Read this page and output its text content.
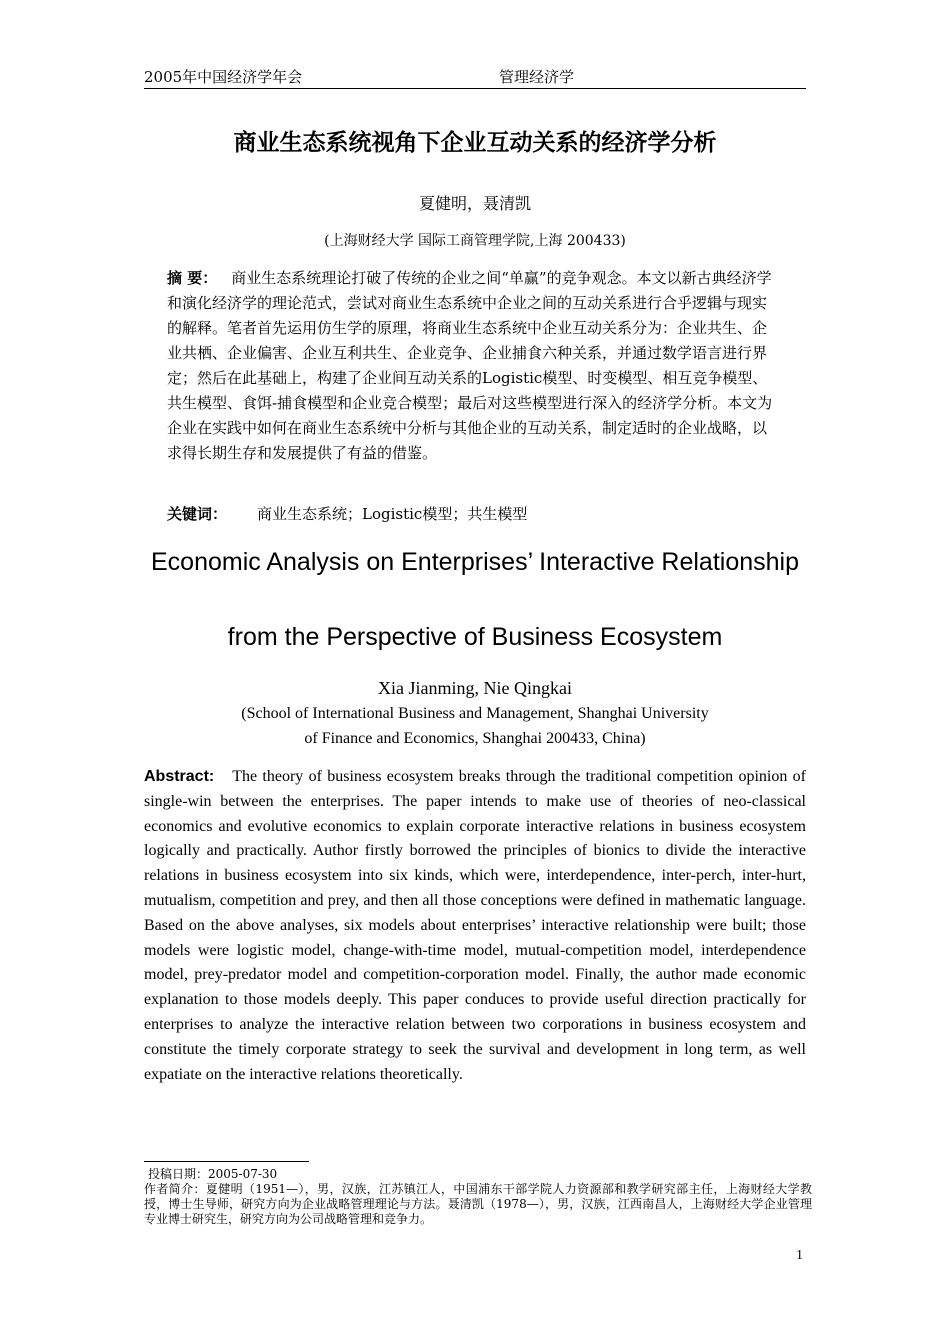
2005年中国经济学年会	管理经济学
商业生态系统视角下企业互动关系的经济学分析
夏健明，聂清凯
(上海财经大学 国际工商管理学院,上海 200433)

摘 要： 商业生态系统理论打破了传统的企业之间“单赢”的竞争观念。本文以新古典经济学和演化经济学的理论范式，尝试对商业生态系统中企业之间的互动关系进行合乎逻辑与现实的解释。笔者首先运用仿生学的原理，将商业生态系统中企业互动关系分为：企业共生、企业共栖、企业偏害、企业互利共生、企业竞争、企业捕食六种关系，并通过数学语言进行界定；然后在此基础上，构建了企业间互动关系的Logistic模型、时变模型、相互竞争模型、共生模型、食饵-捕食模型和企业竞合模型；最后对这些模型进行深入的经济学分析。本文为企业在实践中如何在商业生态系统中分析与其他企业的互动关系，制定适时的企业战略，以求得长期生存和发展提供了有益的借鉴。

关键词： 商业生态系统；Logistic模型；共生模型
Economic Analysis on Enterprises’ Interactive Relationship
from the Perspective of Business Ecosystem
Xia Jianming, Nie Qingkai
(School of International Business and Management, Shanghai University
of Finance and Economics, Shanghai 200433, China)

Abstract: The theory of business ecosystem breaks through the traditional competition opinion of single-win between the enterprises. The paper intends to make use of theories of neo-classical economics and evolutive economics to explain corporate interactive relations in business ecosystem logically and practically. Author firstly borrowed the principles of bionics to divide the interactive relations in business ecosystem into six kinds, which were, interdependence, inter-perch, inter-hurt, mutualism, competition and prey, and then all those conceptions were defined in mathematic language. Based on the above analyses, six models about enterprises’ interactive relationship were built; those models were logistic model, change-with-time model, mutual-competition model, interdependence model, prey-predator model and competition-corporation model. Finally, the author made economic explanation to those models deeply. This paper conduces to provide useful direction practically for enterprises to analyze the interactive relation between two corporations in business ecosystem and constitute the timely corporate strategy to seek the survival and development in long term, as well expatiate on the interactive relations theoretically.

投稿日期：2005-07-30
作者简介：夏健明（1951—），男，汉族，江苏镇江人，中国浦东干部学院人力资源部和教学研究部主任，上海财经大学教授，博士生导师，研究方向为企业战略管理理论与方法。聂清凯（1978—），男，汉族，江西南昌人，上海财经大学企业管理专业博士研究生，研究方向为公司战略管理和竞争力。
1
